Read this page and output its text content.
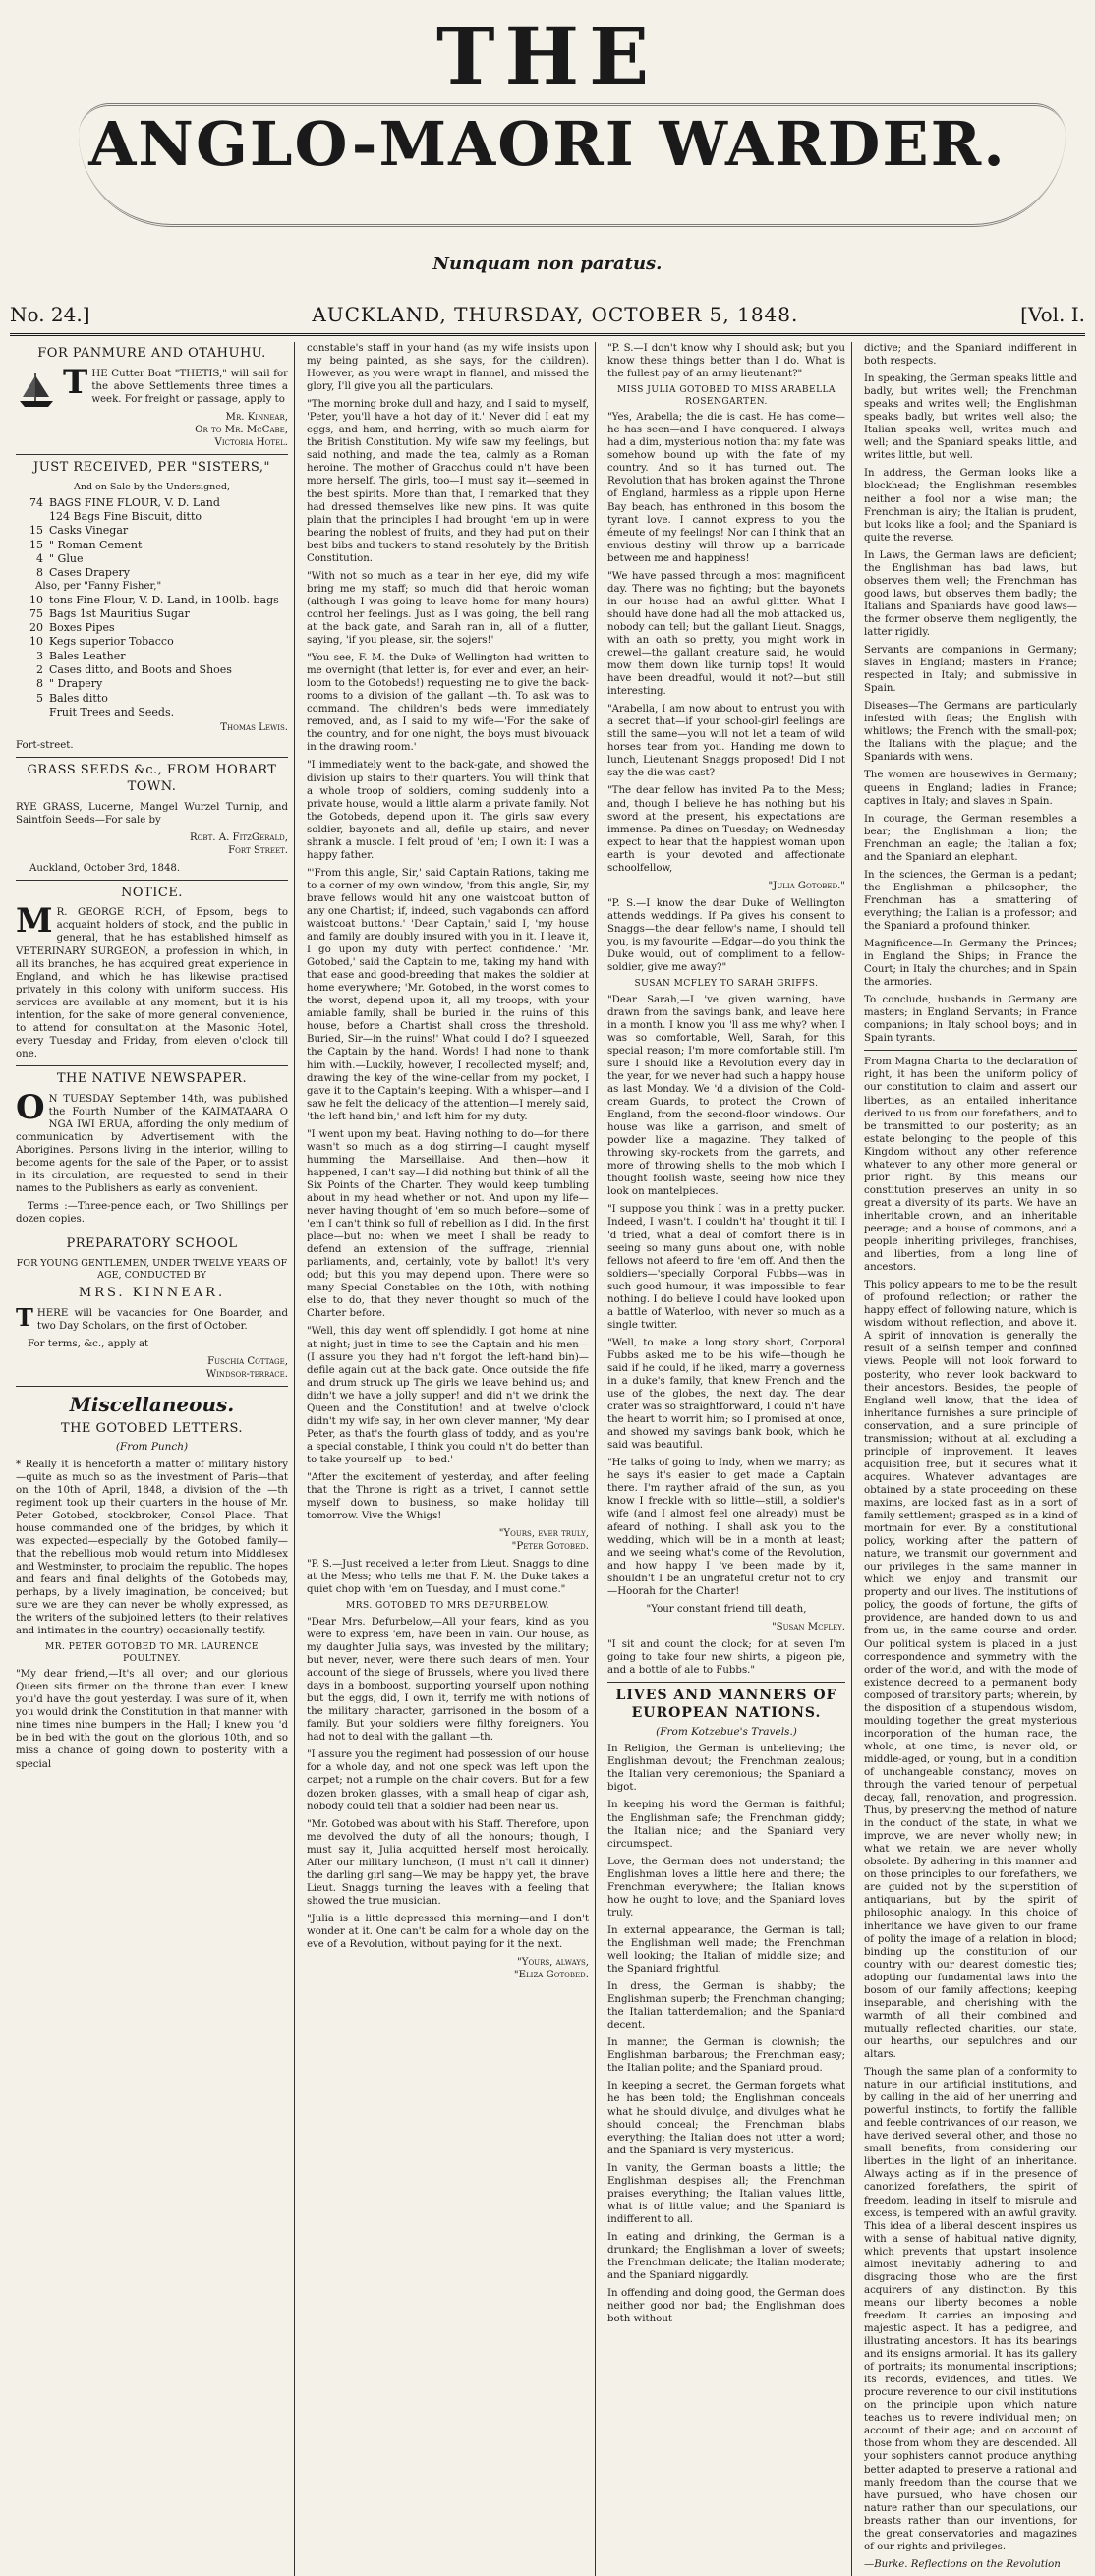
THE
ANGLO-MAORI WARDER.
Nunquam non paratus.
No. 24.]	AUCKLAND, THURSDAY, OCTOBER 5, 1848.	[Vol. I.
FOR PANMURE AND OTAHUHU.

THE Cutter Boat "THETIS," will sail for the above Settlements three times a week. For freight or passage, apply to

Mr. Kinnear,
Or to Mr. McCabe,
Victoria Hotel.
JUST RECEIVED, PER "SISTERS,"
And on Sale by the Undersigned,
74 BAGS FINE FLOUR, V. D. Land
124 Bags Fine Biscuit, ditto
15 Casks Vinegar
15 " Roman Cement
4 " Glue
8 Cases Drapery
Also, per "Fanny Fisher,"
10 tons Fine Flour, V. D. Land, in 100lb. bags
75 Bags 1st Mauritius Sugar
20 Boxes Pipes
10 Kegs superior Tobacco
3 Bales Leather
2 Cases ditto, and Boots and Shoes
8 " Drapery
5 Bales ditto
Fruit Trees and Seeds.
Thomas Lewis.
Fort-street.
GRASS SEEDS &c., FROM HOBART TOWN.

RYE GRASS, Lucerne, Mangel Wurzel Turnip, and Saintfoin Seeds—For sale by

Robt. A. FitzGerald,
Fort Street.

Auckland, October 3rd, 1848.

NOTICE.

M R. GEORGE RICH, of Epsom, begs to acquaint holders of stock, and the public in general, that he has established himself as VETERINARY SURGEON, a profession in which, in all its branches, he has acquired great experience in England, and which he has likewise practised privately in this colony with uniform success. His services are available at any moment; but it is his intention, for the sake of more general convenience, to attend for consultation at the Masonic Hotel, every Tuesday and Friday, from eleven o'clock till one.

THE NATIVE NEWSPAPER.

O N TUESDAY September 14th, was published the Fourth Number of the KAIMATAARA O NGA IWI ERUA, affording the only medium of communication by Advertisement with the Aborigines. Persons living in the interior, willing to become agents for the sale of the Paper, or to assist in its circulation, are requested to send in their names to the Publishers as early as convenient.

Terms :—Three-pence each, or Two Shillings per dozen copies.

PREPARATORY SCHOOL
FOR YOUNG GENTLEMEN, UNDER TWELVE YEARS OF AGE, CONDUCTED BY
MRS. KINNEAR.

THERE will be vacancies for One Boarder, and two Day Scholars, on the first of October.

For terms, &c., apply at

Fuschia Cottage,
Windsor-terrace.
Miscellaneous.
THE GOTOBED LETTERS.
(From Punch)

* Really it is henceforth a matter of military history —quite as much so as the investment of Paris—that on the 10th of April, 1848, a division of the —th regiment took up their quarters in the house of Mr. Peter Gotobed, stockbroker, Consol Place. That house commanded one of the bridges, by which it was expected—especially by the Gotobed family—that the rebellious mob would return into Middlesex and Westminster, to proclaim the republic. The hopes and fears and final delights of the Gotobeds may, perhaps, by a lively imagination, be conceived; but sure we are they can never be wholly expressed, as the writers of the subjoined letters (to their relatives and intimates in the country) occasionally testify.

MR. PETER GOTOBED TO MR. LAURENCE POULTNEY.

"My dear friend,—It's all over; and our glorious Queen sits firmer on the throne than ever. I knew you'd have the gout yesterday. I was sure of it, when you would drink the Constitution in that manner with nine times nine bumpers in the Hall; I knew you 'd be in bed with the gout on the glorious 10th, and so miss a chance of going down to posterity with a special

constable's staff in your hand (as my wife insists upon my being painted, as she says, for the children). However, as you were wrapt in flannel, and missed the glory, I'll give you all the particulars.

"The morning broke dull and hazy, and I said to myself, 'Peter, you'll have a hot day of it.' Never did I eat my eggs, and ham, and herring, with so much alarm for the British Constitution. My wife saw my feelings, but said nothing, and made the tea, calmly as a Roman heroine. The mother of Gracchus could n't have been more herself. The girls, too—I must say it—seemed in the best spirits. More than that, I remarked that they had dressed themselves like new pins. It was quite plain that the principles I had brought 'em up in were bearing the noblest of fruits, and they had put on their best bibs and tuckers to stand resolutely by the British Constitution.

"With not so much as a tear in her eye, did my wife bring me my staff; so much did that heroic woman (although I was going to leave home for many hours) control her feelings. Just as I was going, the bell rang at the back gate, and Sarah ran in, all of a flutter, saying, 'if you please, sir, the sojers!'

"You see, F. M. the Duke of Wellington had written to me overnight (that letter is, for ever and ever, an heir-loom to the Gotobeds!) requesting me to give the back-rooms to a division of the gallant —th. To ask was to command. The children's beds were immediately removed, and, as I said to my wife—'For the sake of the country, and for one night, the boys must bivouack in the drawing room.'

"I immediately went to the back-gate, and showed the division up stairs to their quarters. You will think that a whole troop of soldiers, coming suddenly into a private house, would a little alarm a private family. Not the Gotobeds, depend upon it. The girls saw every soldier, bayonets and all, defile up stairs, and never shrank a muscle. I felt proud of 'em; I own it: I was a happy father.

"'From this angle, Sir,' said Captain Rations, taking me to a corner of my own window, 'from this angle, Sir, my brave fellows would hit any one waistcoat button of any one Chartist; if, indeed, such vagabonds can afford waistcoat buttons.' 'Dear Captain,' said I, 'my house and family are doubly insured with you in it. I leave it, I go upon my duty with perfect confidence.' 'Mr. Gotobed,' said the Captain to me, taking my hand with that ease and good-breeding that makes the soldier at home everywhere; 'Mr. Gotobed, in the worst comes to the worst, depend upon it, all my troops, with your amiable family, shall be buried in the ruins of this house, before a Chartist shall cross the threshold. Buried, Sir—in the ruins!' What could I do? I squeezed the Captain by the hand. Words! I had none to thank him with.—Luckily, however, I recollected myself; and, drawing the key of the wine-cellar from my pocket, I gave it to the Captain's keeping. With a whisper—and I saw he felt the delicacy of the attention—I merely said, 'the left hand bin,' and left him for my duty.

"I went upon my beat. Having nothing to do—for there wasn't so much as a dog stirring—I caught myself humming the Marseillaise. And then—how it happened, I can't say—I did nothing but think of all the Six Points of the Charter. They would keep tumbling about in my head whether or not. And upon my life—never having thought of 'em so much before—some of 'em I can't think so full of rebellion as I did. In the first place—but no: when we meet I shall be ready to defend an extension of the suffrage, triennial parliaments, and, certainly, vote by ballot! It's very odd; but this you may depend upon. There were so many Special Constables on the 10th, with nothing else to do, that they never thought so much of the Charter before.

"Well, this day went off splendidly. I got home at nine at night; just in time to see the Captain and his men—(I assure you they had n't forgot the left-hand bin)—defile again out at the back gate. Once outside the fife and drum struck up The girls we leave behind us; and didn't we have a jolly supper! and did n't we drink the Queen and the Constitution! and at twelve o'clock didn't my wife say, in her own clever manner, 'My dear Peter, as that's the fourth glass of toddy, and as you're a special constable, I think you could n't do better than to take yourself up —to bed.'

"After the excitement of yesterday, and after feeling that the Throne is right as a trivet, I cannot settle myself down to business, so make holiday till tomorrow. Vive the Whigs!

"Yours, ever truly,
"Peter Gotobed.

"P. S.—Just received a letter from Lieut. Snaggs to dine at the Mess; who tells me that F. M. the Duke takes a quiet chop with 'em on Tuesday, and I must come."

MRS. GOTOBED TO MRS DEFURBELOW.

"Dear Mrs. Defurbelow,—All your fears, kind as you were to express 'em, have been in vain. Our house, as my daughter Julia says, was invested by the military; but never, never, were there such dears of men. Your account of the siege of Brussels, where you lived there days in a bomboost, supporting yourself upon nothing but the eggs, did, I own it, terrify me with notions of the military character, garrisoned in the bosom of a family. But your soldiers were filthy foreigners. You had not to deal with the gallant —th.

"I assure you the regiment had possession of our house for a whole day, and not one speck was left upon the carpet; not a rumple on the chair covers. But for a few dozen broken glasses, with a small heap of cigar ash, nobody could tell that a soldier had been near us.

"Mr. Gotobed was about with his Staff. Therefore, upon me devolved the duty of all the honours; though, I must say it, Julia acquitted herself most heroically. After our military luncheon, (I must n't call it dinner) the darling girl sang—We may be happy yet, the brave Lieut. Snaggs turning the leaves with a feeling that showed the true musician.

"Julia is a little depressed this morning—and I don't wonder at it. One can't be calm for a whole day on the eve of a Revolution, without paying for it the next.

"Yours, always,
"Eliza Gotobed.

"P. S.—I don't know why I should ask; but you know these things better than I do. What is the fullest pay of an army lieutenant?"

MISS JULIA GOTOBED TO MISS ARABELLA ROSENGARTEN.

"Yes, Arabella; the die is cast. He has come—he has seen—and I have conquered. I always had a dim, mysterious notion that my fate was somehow bound up with the fate of my country. And so it has turned out. The Revolution that has broken against the Throne of England, harmless as a ripple upon Herne Bay beach, has enthroned in this bosom the tyrant love. I cannot express to you the émeute of my feelings! Nor can I think that an envious destiny will throw up a barricade between me and happiness!

"We have passed through a most magnificent day. There was no fighting; but the bayonets in our house had an awful glitter. What I should have done had all the mob attacked us, nobody can tell; but the gallant Lieut. Snaggs, with an oath so pretty, you might work in crewel—the gallant creature said, he would mow them down like turnip tops! It would have been dreadful, would it not?—but still interesting.

"Arabella, I am now about to entrust you with a secret that—if your school-girl feelings are still the same—you will not let a team of wild horses tear from you. Handing me down to lunch, Lieutenant Snaggs proposed! Did I not say the die was cast?

"The dear fellow has invited Pa to the Mess; and, though I believe he has nothing but his sword at the present, his expectations are immense. Pa dines on Tuesday; on Wednesday expect to hear that the happiest woman upon earth is your devoted and affectionate schoolfellow,

"Julia Gotobed."

"P. S.—I know the dear Duke of Wellington attends weddings. If Pa gives his consent to Snaggs—the dear fellow's name, I should tell you, is my favourite —Edgar—do you think the Duke would, out of compliment to a fellow-soldier, give me away?"

SUSAN MCFLEY TO SARAH GRIFFS.

"Dear Sarah,—I 've given warning, have drawn from the savings bank, and leave here in a month. I know you 'll ass me why? when I was so comfortable, Well, Sarah, for this special reason; I'm more comfortable still. I'm sure I should like a Revolution every day in the year, for we never had such a happy house as last Monday. We 'd a division of the Cold-cream Guards, to protect the Crown of England, from the second-floor windows. Our house was like a garrison, and smelt of powder like a magazine. They talked of throwing sky-rockets from the garrets, and more of throwing shells to the mob which I thought foolish waste, seeing how nice they look on mantelpieces.

"I suppose you think I was in a pretty pucker. Indeed, I wasn't. I couldn't ha' thought it till I 'd tried, what a deal of comfort there is in seeing so many guns about one, with noble fellows not afeerd to fire 'em off. And then the soldiers—'specially Corporal Fubbs—was in such good humour, it was impossible to fear nothing. I do believe I could have looked upon a battle of Waterloo, with never so much as a single twitter.

"Well, to make a long story short, Corporal Fubbs asked me to be his wife—though he said if he could, if he liked, marry a governess in a duke's family, that knew French and the use of the globes, the next day. The dear crater was so straightforward, I could n't have the heart to worrit him; so I promised at once, and showed my savings bank book, which he said was beautiful.

"He talks of going to Indy, when we marry; as he says it's easier to get made a Captain there. I'm rayther afraid of the sun, as you know I freckle with so little—still, a soldier's wife (and I almost feel one already) must be afeard of nothing. I shall ask you to the wedding, which will be in a month at least; and we seeing what's come of the Revolution, and how happy I 've been made by it, shouldn't I be an ungrateful cretur not to cry—Hoorah for the Charter!

"Your constant friend till death,

"Susan Mcfley.

"I sit and count the clock; for at seven I'm going to take four new shirts, a pigeon pie, and a bottle of ale to Fubbs."

LIVES AND MANNERS OF EUROPEAN NATIONS.
(From Kotzebue's Travels.)

In Religion, the German is unbelieving; the Englishman devout; the Frenchman zealous; the Italian very ceremonious; the Spaniard a bigot.

In keeping his word the German is faithful; the Englishman safe; the Frenchman giddy; the Italian nice; and the Spaniard very circumspect.

Love, the German does not understand; the Englishman loves a little here and there; the Frenchman everywhere; the Italian knows how he ought to love; and the Spaniard loves truly.

In external appearance, the German is tall; the Englishman well made; the Frenchman well looking; the Italian of middle size; and the Spaniard frightful.

In dress, the German is shabby; the Englishman superb; the Frenchman changing; the Italian tatterdemalion; and the Spaniard decent.

In manner, the German is clownish; the Englishman barbarous; the Frenchman easy; the Italian polite; and the Spaniard proud.

In keeping a secret, the German forgets what he has been told; the Englishman conceals what he should divulge, and divulges what he should conceal; the Frenchman blabs everything; the Italian does not utter a word; and the Spaniard is very mysterious.

In vanity, the German boasts a little; the Englishman despises all; the Frenchman praises everything; the Italian values little, what is of little value; and the Spaniard is indifferent to all.

In eating and drinking, the German is a drunkard; the Englishman a lover of sweets; the Frenchman delicate; the Italian moderate; and the Spaniard niggardly.

In offending and doing good, the German does neither good nor bad; the Englishman does both without

dictive; and the Spaniard indifferent in both respects.

In speaking, the German speaks little and badly, but writes well; the Frenchman speaks and writes well; the Englishman speaks badly, but writes well also; the Italian speaks well, writes much and well; and the Spaniard speaks little, and writes little, but well.

In address, the German looks like a blockhead; the Englishman resembles neither a fool nor a wise man; the Frenchman is airy; the Italian is prudent, but looks like a fool; and the Spaniard is quite the reverse.

In Laws, the German laws are deficient; the Englishman has bad laws, but observes them well; the Frenchman has good laws, but observes them badly; the Italians and Spaniards have good laws—the former observe them negligently, the latter rigidly.

Servants are companions in Germany; slaves in England; masters in France; respected in Italy; and submissive in Spain.

Diseases—The Germans are particularly infested with fleas; the English with whitlows; the French with the small-pox; the Italians with the plague; and the Spaniards with wens.

The women are housewives in Germany; queens in England; ladies in France; captives in Italy; and slaves in Spain.

In courage, the German resembles a bear; the Englishman a lion; the Frenchman an eagle; the Italian a fox; and the Spaniard an elephant.

In the sciences, the German is a pedant; the Englishman a philosopher; the Frenchman has a smattering of everything; the Italian is a professor; and the Spaniard a profound thinker.

Magnificence—In Germany the Princes; in England the Ships; in France the Court; in Italy the churches; and in Spain the armories.

To conclude, husbands in Germany are masters; in England Servants; in France companions; in Italy school boys; and in Spain tyrants.

From Magna Charta to the declaration of right, it has been the uniform policy of our constitution to claim and assert our liberties, as an entailed inheritance derived to us from our forefathers, and to be transmitted to our posterity; as an estate belonging to the people of this Kingdom without any other reference whatever to any other more general or prior right. By this means our constitution preserves an unity in so great a diversity of its parts. We have an inheritable crown, and an inheritable peerage; and a house of commons, and a people inheriting privileges, franchises, and liberties, from a long line of ancestors.

This policy appears to me to be the result of profound reflection; or rather the happy effect of following nature, which is wisdom without reflection, and above it. A spirit of innovation is generally the result of a selfish temper and confined views. People will not look forward to posterity, who never look backward to their ancestors. Besides, the people of England well know, that the idea of inheritance furnishes a sure principle of conservation, and a sure principle of transmission; without at all excluding a principle of improvement. It leaves acquisition free, but it secures what it acquires. Whatever advantages are obtained by a state proceeding on these maxims, are locked fast as in a sort of family settlement; grasped as in a kind of mortmain for ever. By a constitutional policy, working after the pattern of nature, we transmit our government and our privileges in the same manner in which we enjoy and transmit our property and our lives. The institutions of policy, the goods of fortune, the gifts of providence, are handed down to us and from us, in the same course and order. Our political system is placed in a just correspondence and symmetry with the order of the world, and with the mode of existence decreed to a permanent body composed of transitory parts; wherein, by the disposition of a stupendous wisdom, moulding together the great mysterious incorporation of the human race, the whole, at one time, is never old, or middle-aged, or young, but in a condition of unchangeable constancy, moves on through the varied tenour of perpetual decay, fall, renovation, and progression. Thus, by preserving the method of nature in the conduct of the state, in what we improve, we are never wholly new; in what we retain, we are never wholly obsolete. By adhering in this manner and on those principles to our forefathers, we are guided not by the superstition of antiquarians, but by the spirit of philosophic analogy. In this choice of inheritance we have given to our frame of polity the image of a relation in blood; binding up the constitution of our country with our dearest domestic ties; adopting our fundamental laws into the bosom of our family affections; keeping inseparable, and cherishing with the warmth of all their combined and mutually reflected charities, our state, our hearths, our sepulchres and our altars.

Though the same plan of a conformity to nature in our artificial institutions, and by calling in the aid of her unerring and powerful instincts, to fortify the fallible and feeble contrivances of our reason, we have derived several other, and those no small benefits, from considering our liberties in the light of an inheritance. Always acting as if in the presence of canonized forefathers, the spirit of freedom, leading in itself to misrule and excess, is tempered with an awful gravity. This idea of a liberal descent inspires us with a sense of habitual native dignity, which prevents that upstart insolence almost inevitably adhering to and disgracing those who are the first acquirers of any distinction. By this means our liberty becomes a noble freedom. It carries an imposing and majestic aspect. It has a pedigree, and illustrating ancestors. It has its bearings and its ensigns armorial. It has its gallery of portraits; its monumental inscriptions; its records, evidences, and titles. We procure reverence to our civil institutions on the principle upon which nature teaches us to revere individual men; on account of their age; and on account of those from whom they are descended. All your sophisters cannot produce anything better adapted to preserve a rational and manly freedom than the course that we have pursued, who have chosen our nature rather than our speculations, our breasts rather than our inventions, for the great conservatories and magazines of our rights and privileges.

—Burke. Reflections on the Revolution
